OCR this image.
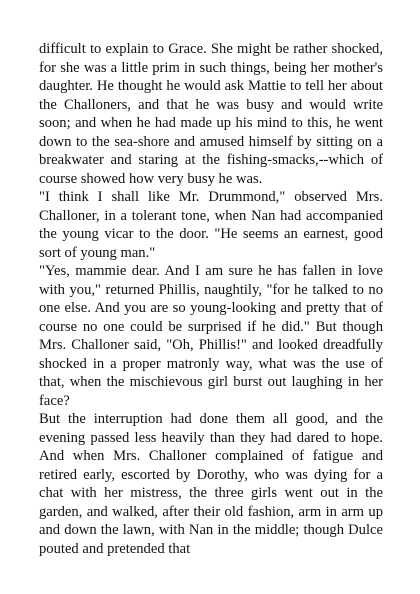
difficult to explain to Grace. She might be rather shocked, for she was a little prim in such things, being her mother's daughter. He thought he would ask Mattie to tell her about the Challoners, and that he was busy and would write soon; and when he had made up his mind to this, he went down to the sea-shore and amused himself by sitting on a breakwater and staring at the fishing-smacks,--which of course showed how very busy he was.

"I think I shall like Mr. Drummond," observed Mrs. Challoner, in a tolerant tone, when Nan had accompanied the young vicar to the door. "He seems an earnest, good sort of young man."

"Yes, mammie dear. And I am sure he has fallen in love with you," returned Phillis, naughtily, "for he talked to no one else. And you are so young-looking and pretty that of course no one could be surprised if he did." But though Mrs. Challoner said, "Oh, Phillis!" and looked dreadfully shocked in a proper matronly way, what was the use of that, when the mischievous girl burst out laughing in her face?

But the interruption had done them all good, and the evening passed less heavily than they had dared to hope. And when Mrs. Challoner complained of fatigue and retired early, escorted by Dorothy, who was dying for a chat with her mistress, the three girls went out in the garden, and walked, after their old fashion, arm in arm up and down the lawn, with Nan in the middle; though Dulce pouted and pretended that
